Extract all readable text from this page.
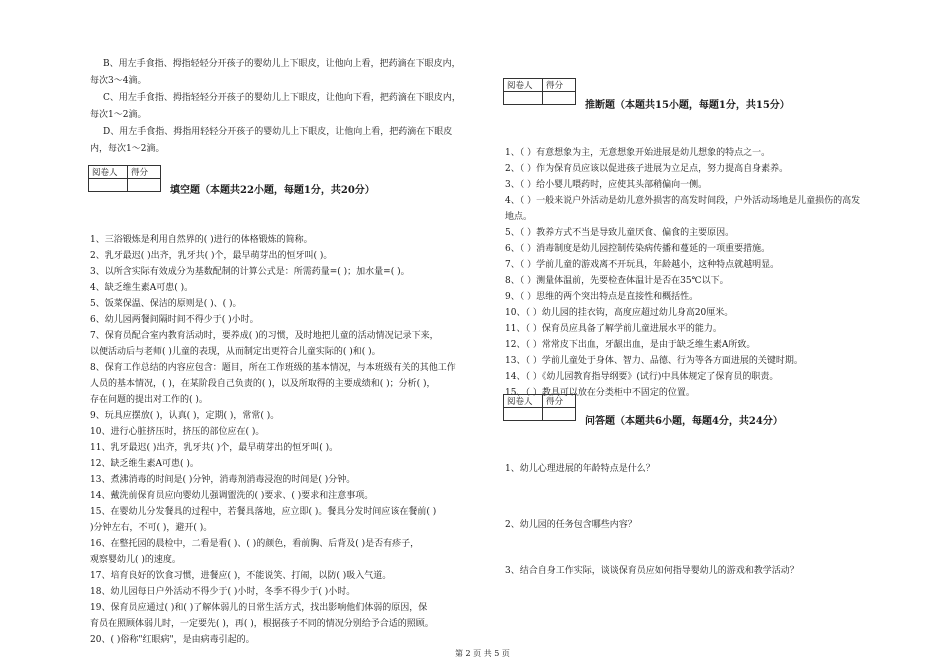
B、用左手食指、拇指轻轻分开孩子的婴幼儿上下眼皮，让他向上看，把药滴在下眼皮内，
每次3～4滴。
C、用左手食指、拇指轻轻分开孩子的婴幼儿上下眼皮，让他向下看，把药滴在下眼皮内，
每次1～2滴。
D、用左手食指、拇指用轻轻分开孩子的婴幼儿上下眼皮，让他向上看，把药滴在下眼皮
内，每次1～2滴。
阅卷人	得分

填空题（本题共22小题，每题1分，共20分）
1、三浴锻炼是利用自然界的( )进行的体格锻炼的简称。
2、乳牙最迟( )出齐，乳牙共( )个，最早萌芽出的恒牙叫( )。
3、以所含实际有效成分为基数配制的计算公式是：所需药量=( )；加水量=( )。
4、缺乏维生素A可患( )。
5、饭菜保温、保洁的原则是( )、( )。
6、幼儿园两餐间隔时间不得少于( )小时。
7、保育员配合室内教育活动时，要养成( )的习惯，及时地把儿童的活动情况记录下来，
以便活动后与老师( )儿童的表现，从而制定出更符合儿童实际的( )和( )。
8、保育工作总结的内容应包含：题目，所在工作班级的基本情况，与本班级有关的其他工作
人员的基本情况，( )，在某阶段自己负责的( )，以及所取得的主要成绩和( )；分析( )，
存在问题的提出对工作的( )。
9、玩具应摆放( )，认真( )，定期( )，常常( )。
10、进行心脏挤压时，挤压的部位应在( )。
11、乳牙最迟( )出齐，乳牙共( )个，最早萌芽出的恒牙叫( )。
12、缺乏维生素A可患( )。
13、煮沸消毒的时间是( )分钟，消毒剂消毒浸泡的时间是( )分钟。
14、戴洗前保育员应向婴幼儿强调盥洗的( )要求、( )要求和注意事项。
15、在婴幼儿分发餐具的过程中，若餐具落地，应立即( )。餐具分发时间应该在餐前( )
)分钟左右，不可( )，避开( )。
16、在整托园的晨检中，二看是看( )、( )的颜色，看前胸、后背及( )是否有疹子，
观察婴幼儿( )的速度。
17、培育良好的饮食习惯，进餐应( )，不能说笑、打闹，以防( )吸入气道。
18、幼儿园每日户外活动不得少于( )小时，冬季不得少于( )小时。
19、保育员应通过( )和( )了解体弱儿的日常生活方式，找出影响他们体弱的原因，保
育员在照顾体弱儿时，一定要先( )，再( )，根据孩子不同的情况分别给予合适的照顾。
20、( )俗称"红眼病"，是由病毒引起的。
阅卷人	得分

推断题（本题共15小题，每题1分，共15分）
1、（ ）有意想象为主，无意想象开始进展是幼儿想象的特点之一。
2、（ ）作为保育员应该以促进孩子进展为立足点，努力提高自身素养。
3、（ ）给小婴儿喂药时，应使其头部稍偏向一侧。
4、（ ）一般来说户外活动是幼儿意外损害的高发时间段，户外活动场地是儿童损伤的高发
地点。
5、（ ）教养方式不当是导致儿童厌食、偏食的主要原因。
6、（ ）消毒制度是幼儿园控制传染病传播和蔓延的一项重要措施。
7、（ ）学前儿童的游戏离不开玩具，年龄越小，这种特点就越明显。
8、（ ）测量体温前，先要检查体温计是否在35℃以下。
9、（ ）思维的两个突出特点是直接性和概括性。
10、（ ）幼儿园的挂衣钩，高度应超过幼儿身高20厘米。
11、（ ）保育员应具备了解学前儿童进展水平的能力。
12、（ ）常常皮下出血，牙龈出血，是由于缺乏维生素A所致。
13、（ ）学前儿童处于身体、智力、品德、行为等各方面进展的关键时期。
14、（ ）《幼儿园教育指导纲要》(试行)中具体规定了保育员的职责。
15、（ ）教具可以放在分类柜中不固定的位置。
阅卷人	得分

问答题（本题共6小题，每题4分，共24分）
1、幼儿心理进展的年龄特点是什么？
2、幼儿园的任务包含哪些内容？
3、结合自身工作实际，谈谈保育员应如何指导婴幼儿的游戏和教学活动？
第 2 页 共 5 页
